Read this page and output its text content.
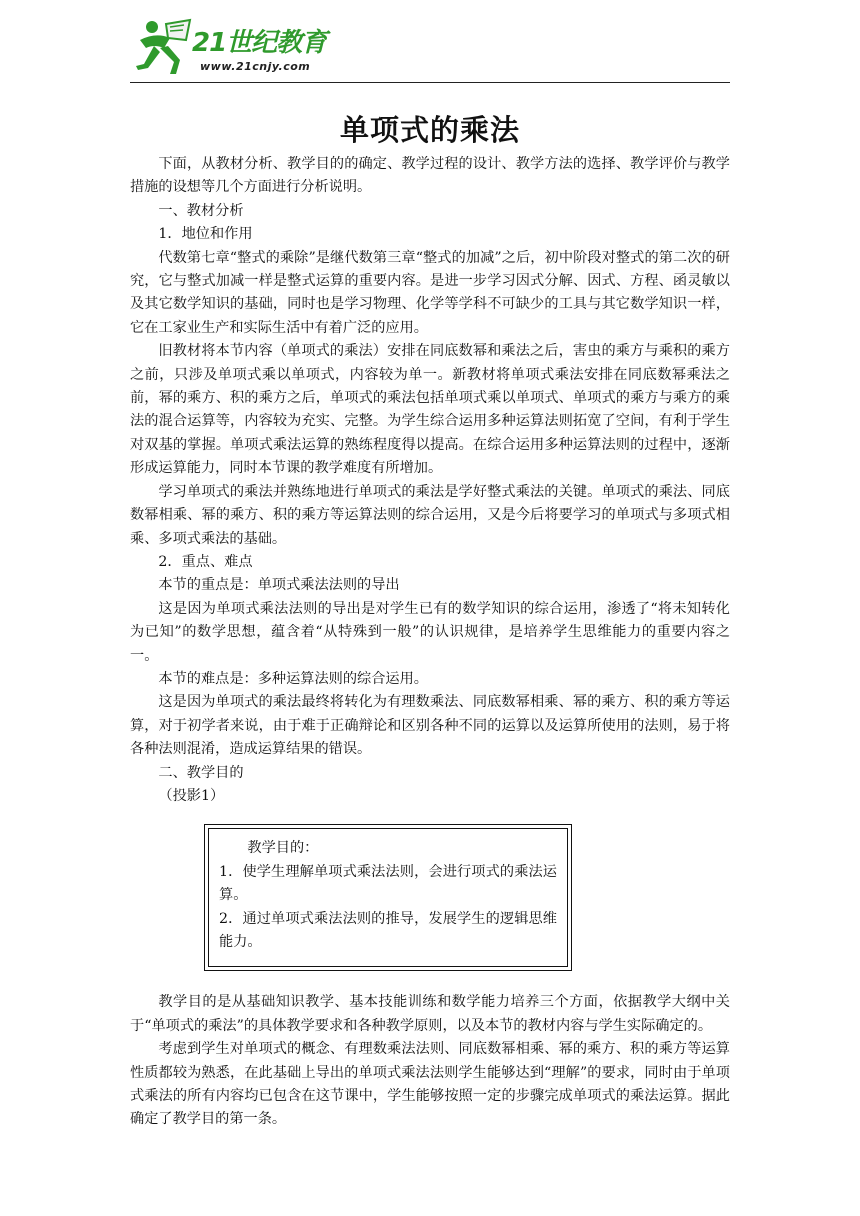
21世纪教育
www.21cnjy.com
单项式的乘法

下面，从教材分析、教学目的的确定、教学过程的设计、教学方法的选择、教学评价与教学措施的设想等几个方面进行分析说明。

一、教材分析

1．地位和作用

代数第七章“整式的乘除”是继代数第三章“整式的加减”之后，初中阶段对整式的第二次的研究，它与整式加减一样是整式运算的重要内容。是进一步学习因式分解、因式、方程、函灵敏以及其它数学知识的基础，同时也是学习物理、化学等学科不可缺少的工具与其它数学知识一样，它在工家业生产和实际生活中有着广泛的应用。

旧教材将本节内容（单项式的乘法）安排在同底数幂和乘法之后，害虫的乘方与乘积的乘方之前，只涉及单项式乘以单项式，内容较为单一。新教材将单项式乘法安排在同底数幂乘法之前，幂的乘方、积的乘方之后，单项式的乘法包括单项式乘以单项式、单项式的乘方与乘方的乘法的混合运算等，内容较为充实、完整。为学生综合运用多种运算法则拓宽了空间，有利于学生对双基的掌握。单项式乘法运算的熟练程度得以提高。在综合运用多种运算法则的过程中，逐渐形成运算能力，同时本节课的教学难度有所增加。

学习单项式的乘法并熟练地进行单项式的乘法是学好整式乘法的关键。单项式的乘法、同底数幂相乘、幂的乘方、积的乘方等运算法则的综合运用，又是今后将要学习的单项式与多项式相乘、多项式乘法的基础。

2．重点、难点

本节的重点是：单项式乘法法则的导出

这是因为单项式乘法法则的导出是对学生已有的数学知识的综合运用，渗透了“将未知转化为已知”的数学思想，蕴含着“从特殊到一般”的认识规律，是培养学生思维能力的重要内容之一。

本节的难点是：多种运算法则的综合运用。

这是因为单项式的乘法最终将转化为有理数乘法、同底数幂相乘、幂的乘方、积的乘方等运算，对于初学者来说，由于难于正确辩论和区别各种不同的运算以及运算所使用的法则，易于将各种法则混淆，造成运算结果的错误。

二、教学目的

（投影1）

教学目的：

1．使学生理解单项式乘法法则，会进行项式的乘法运算。

2．通过单项式乘法法则的推导，发展学生的逻辑思维能力。

教学目的是从基础知识教学、基本技能训练和数学能力培养三个方面，依据教学大纲中关于“单项式的乘法”的具体教学要求和各种教学原则，以及本节的教材内容与学生实际确定的。

考虑到学生对单项式的概念、有理数乘法法则、同底数幂相乘、幂的乘方、积的乘方等运算性质都较为熟悉，在此基础上导出的单项式乘法法则学生能够达到“理解”的要求，同时由于单项式乘法的所有内容均已包含在这节课中，学生能够按照一定的步骤完成单项式的乘法运算。据此确定了教学目的第一条。
